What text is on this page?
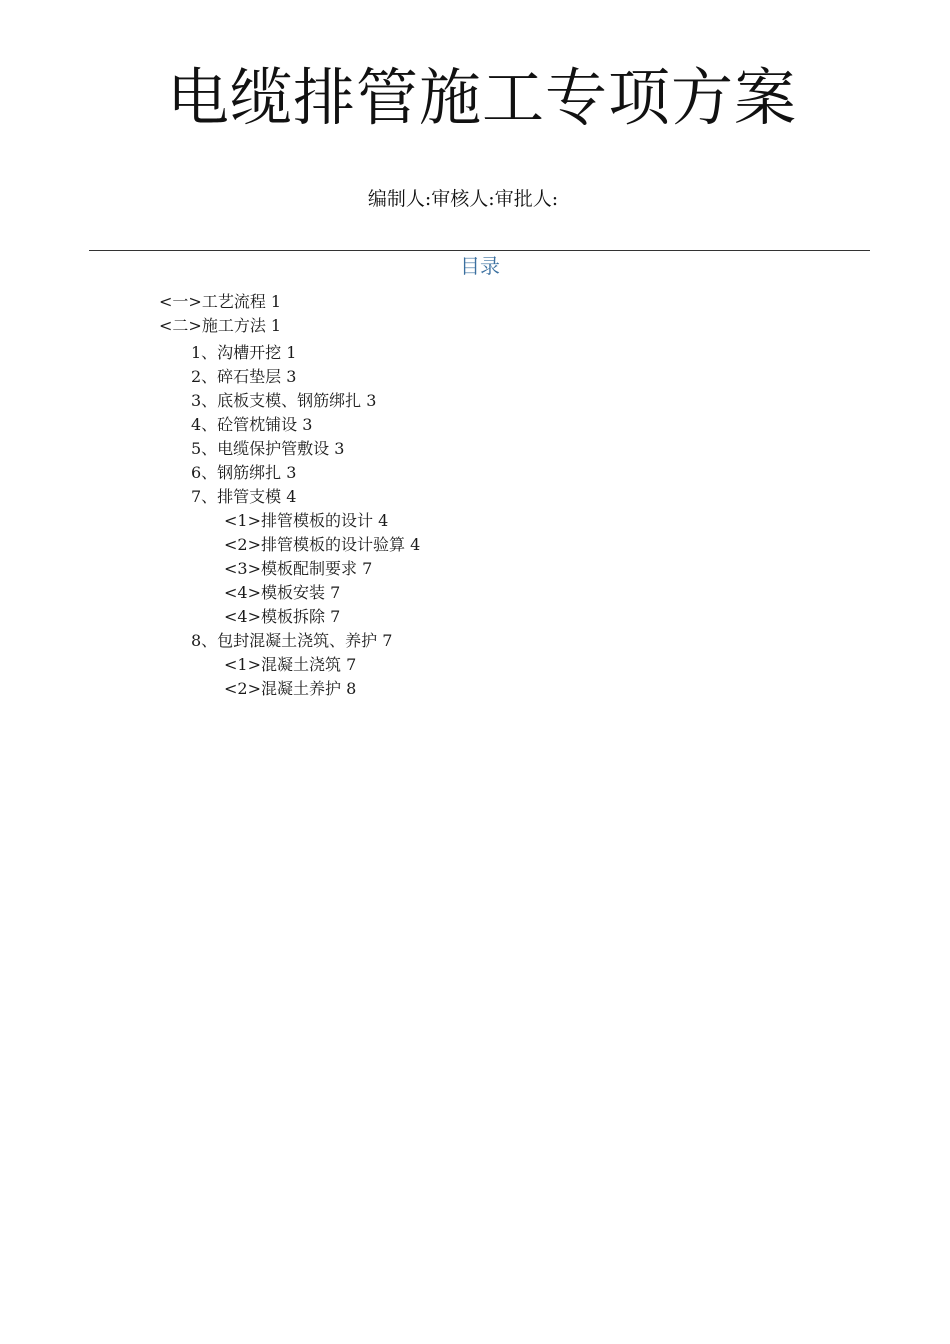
电缆排管施工专项方案
编制人:审核人:审批人:
目录
<一>工艺流程 1
<二>施工方法 1
1、沟槽开挖 1
2、碎石垫层 3
3、底板支模、钢筋绑扎 3
4、砼管枕铺设 3
5、电缆保护管敷设 3
6、钢筋绑扎 3
7、排管支模 4
<1>排管模板的设计 4
<2>排管模板的设计验算 4
<3>模板配制要求 7
<4>模板安装 7
<4>模板拆除 7
8、包封混凝土浇筑、养护 7
<1>混凝土浇筑 7
<2>混凝土养护 8
